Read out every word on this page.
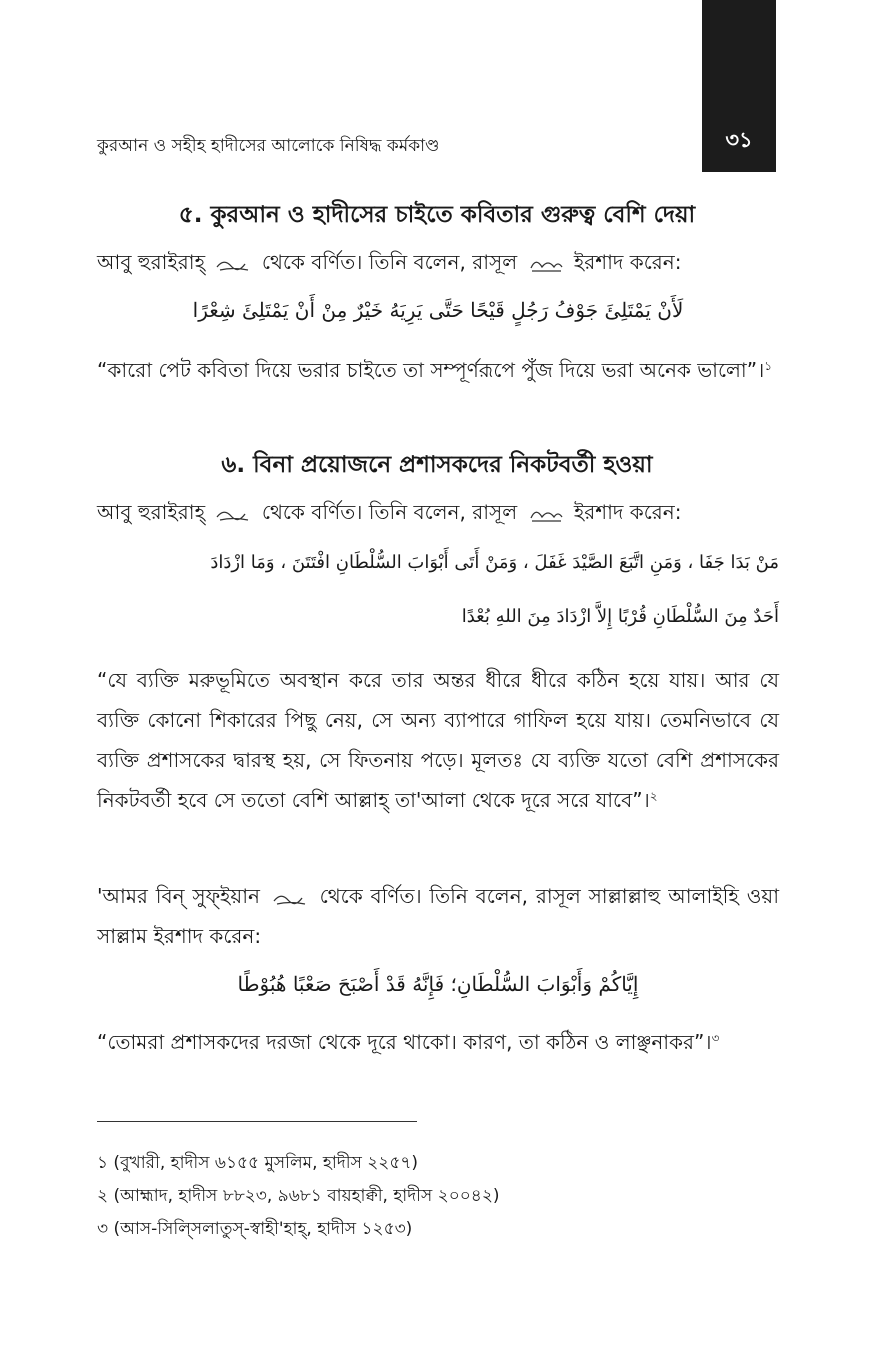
৩১
কুরআন ও সহীহ হাদীসের আলোকে নিষিদ্ধ কর্মকাণ্ড
৫. কুরআন ও হাদীসের চাইতে কবিতার গুরুত্ব বেশি দেয়া
আবু হুরাইরাহ্	থেকে বর্ণিত। তিনি বলেন, রাসূল	ইরশাদ করেন:
لَأَنْ يَمْتَلِئَ جَوْفُ رَجُلٍ قَيْحًا حَتَّى يَرِيَهُ خَيْرٌ مِنْ أَنْ يَمْتَلِئَ شِعْرًا
“কারো পেট কবিতা দিয়ে ভরার চাইতে তা সম্পূর্ণরূপে পুঁজ দিয়ে ভরা অনেক ভালো”।$^১$
৬. বিনা প্রয়োজনে প্রশাসকদের নিকটবর্তী হওয়া
আবু হুরাইরাহ্	থেকে বর্ণিত। তিনি বলেন, রাসূল	ইরশাদ করেন:
مَنْ بَدَا جَفَا ، وَمَنِ اتَّبَعَ الصَّيْدَ غَفَلَ ، وَمَنْ أَتَى أَبْوَابَ السُّلْطَانِ افْتَتَنَ ، وَمَا ازْدَادَ
أَحَدٌ مِنَ السُّلْطَانِ قُرْبًا إِلاَّ ازْدَادَ مِنَ اللهِ بُعْدًا
“যে ব্যক্তি মরুভূমিতে অবস্থান করে তার অন্তর ধীরে ধীরে কঠিন হয়ে যায়। আর যে ব্যক্তি কোনো শিকারের পিছু নেয়, সে অন্য ব্যাপারে গাফিল হয়ে যায়। তেমনিভাবে যে ব্যক্তি প্রশাসকের দ্বারস্থ হয়, সে ফিতনায় পড়ে। মূলতঃ যে ব্যক্তি যতো বেশি প্রশাসকের নিকটবর্তী হবে সে ততো বেশি আল্লাহ্ তা'আলা থেকে দূরে সরে যাবে”।$^২$
'আমর বিন্ সুফ্ইয়ান	থেকে বর্ণিত। তিনি বলেন, রাসূল সাল্লাল্লাহু আলাইহি ওয়া সাল্লাম ইরশাদ করেন:
إِيَّاكُمْ وَأَبْوَابَ السُّلْطَانِ؛ فَإِنَّهُ قَدْ أَصْبَحَ صَعْبًا هُبُوْطًا
“তোমরা প্রশাসকদের দরজা থেকে দূরে থাকো। কারণ, তা কঠিন ও লাঞ্ছনাকর”।$^৩$
১ (বুখারী, হাদীস ৬১৫৫ মুসলিম, হাদীস ২২৫৭)
২ (আহ্মাদ, হাদীস ৮৮২৩, ৯৬৮১ বায়হাক্বী, হাদীস ২০০৪২)
৩ (আস-সিল্সিলাতুস্-স্বাহী'হাহ্, হাদীস ১২৫৩)
